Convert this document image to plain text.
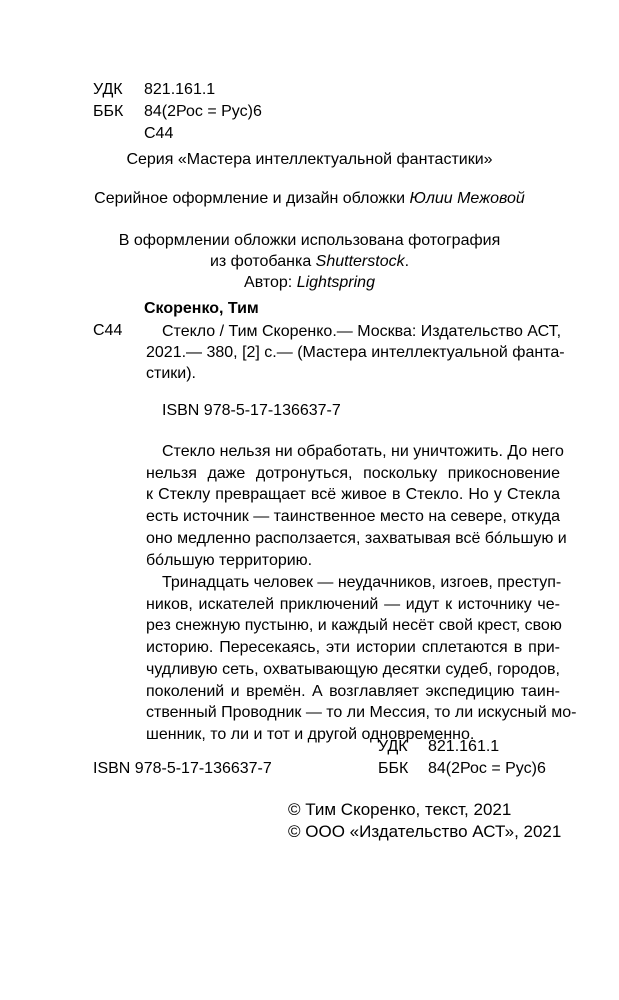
УДК 821.161.1
ББК 84(2Рос = Рус)6
С44
Серия «Мастера интеллектуальной фантастики»
Серийное оформление и дизайн обложки Юлии Межовой
В оформлении обложки использована фотография
из фотобанка Shutterstock.
Автор: Lightspring
Скоренко, Тим
С44	Стекло / Тим Скоренко.— Москва: Издательство АСТ,
2021.— 380, [2] с.— (Мастера интеллектуальной фанта-
стики).
ISBN 978-5-17-136637-7
Стекло нельзя ни обработать, ни уничтожить. До него
нельзя даже дотронуться, поскольку прикосновение
к Стеклу превращает всё живое в Стекло. Но у Стекла
есть источник — таинственное место на севере, откуда
оно медленно расползается, захватывая всё бóльшую и
бóльшую территорию.
Тринадцать человек — неудачников, изгоев, преступ-
ников, искателей приключений — идут к источнику че-
рез снежную пустыню, и каждый несёт свой крест, свою
историю. Пересекаясь, эти истории сплетаются в при-
чудливую сеть, охватывающую десятки судеб, городов,
поколений и времён. А возглавляет экспедицию таин-
ственный Проводник — то ли Мессия, то ли искусный мо-
шенник, то ли и тот и другой одновременно.
УДК 821.161.1
ISBN 978-5-17-136637-7	ББК 84(2Рос = Рус)6
© Тим Скоренко, текст, 2021
© ООО «Издательство АСТ», 2021
